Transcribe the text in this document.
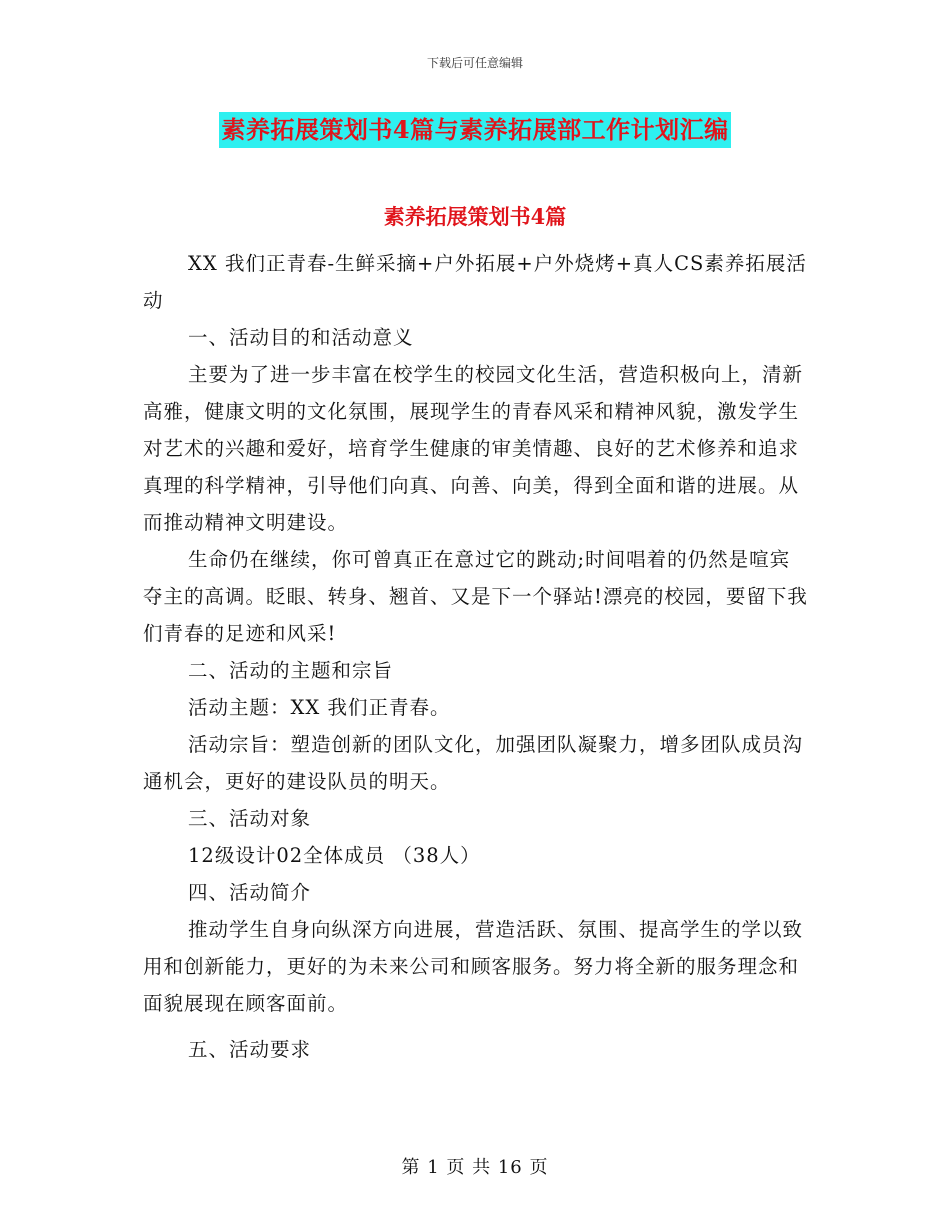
下载后可任意编辑
素养拓展策划书4篇与素养拓展部工作计划汇编
素养拓展策划书4篇

XX 我们正青春-生鲜采摘+户外拓展+户外烧烤+真人CS素养拓展活动

一、活动目的和活动意义

主要为了进一步丰富在校学生的校园文化生活，营造积极向上，清新高雅，健康文明的文化氛围，展现学生的青春风采和精神风貌，激发学生对艺术的兴趣和爱好，培育学生健康的审美情趣、良好的艺术修养和追求真理的科学精神，引导他们向真、向善、向美，得到全面和谐的进展。从而推动精神文明建设。

生命仍在继续，你可曾真正在意过它的跳动;时间唱着的仍然是喧宾夺主的高调。眨眼、转身、翘首、又是下一个驿站!漂亮的校园，要留下我们青春的足迹和风采!

二、活动的主题和宗旨

活动主题：XX 我们正青春。

活动宗旨：塑造创新的团队文化，加强团队凝聚力，增多团队成员沟通机会，更好的建设队员的明天。

三、活动对象

12级设计02全体成员 （38人）

四、活动简介

推动学生自身向纵深方向进展，营造活跃、氛围、提高学生的学以致用和创新能力，更好的为未来公司和顾客服务。努力将全新的服务理念和面貌展现在顾客面前。

五、活动要求

第 1 页 共 16 页
